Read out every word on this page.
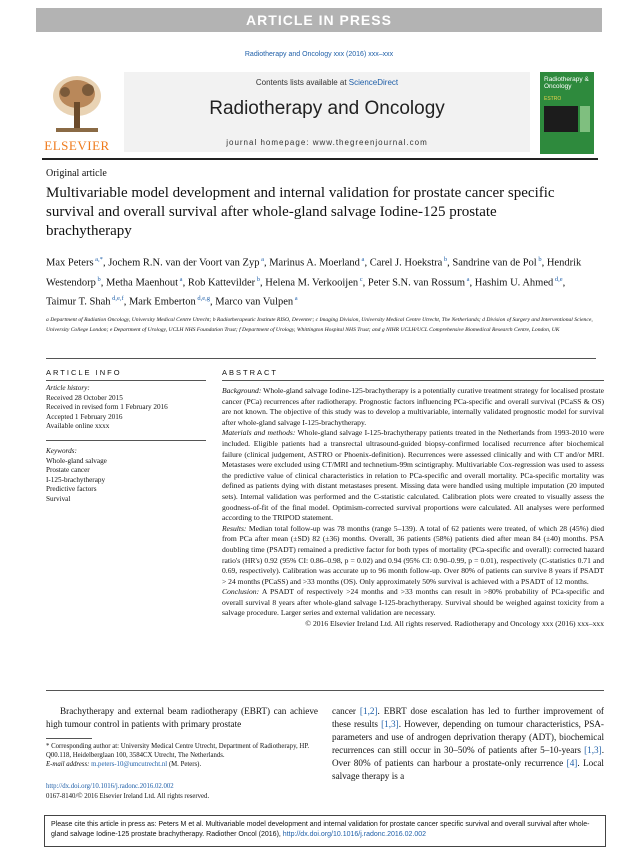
ARTICLE IN PRESS
Radiotherapy and Oncology xxx (2016) xxx–xxx
ELSEVIER
Contents lists available at ScienceDirect
Radiotherapy and Oncology
journal homepage: www.thegreenjournal.com
Radiotherapy & Oncology
ESTRO
Original article
Multivariable model development and internal validation for prostate cancer specific survival and overall survival after whole-gland salvage Iodine-125 prostate brachytherapy
Max Peters $^{a,*}$, Jochem R.N. van der Voort van Zyp $^a$, Marinus A. Moerland $^a$, Carel J. Hoekstra $^b$, Sandrine van de Pol $^b$, Hendrik Westendorp $^b$, Metha Maenhout $^a$, Rob Kattevilder $^b$, Helena M. Verkooijen $^c$, Peter S.N. van Rossum $^a$, Hashim U. Ahmed $^{d,e}$, Taimur T. Shah $^{d,e,f}$, Mark Emberton $^{d,e,g}$, Marco van Vulpen $^a$
a Department of Radiation Oncology, University Medical Centre Utrecht; b Radiotherapeutic Institute RISO, Deventer; c Imaging Division, University Medical Centre Utrecht, The Netherlands; d Division of Surgery and Interventional Science, University College London; e Department of Urology, UCLH NHS Foundation Trust; f Department of Urology, Whittington Hospital NHS Trust; and g NIHR UCLH/UCL Comprehensive Biomedical Research Centre, London, UK
ARTICLE INFO
Article history:
Received 28 October 2015
Received in revised form 1 February 2016
Accepted 1 February 2016
Available online xxxx
Keywords:
Whole-gland salvage
Prostate cancer
I-125-brachytherapy
Predictive factors
Survival
ABSTRACT

Background: Whole-gland salvage Iodine-125-brachytherapy is a potentially curative treatment strategy for localised prostate cancer (PCa) recurrences after radiotherapy. Prognostic factors influencing PCa-specific and overall survival (PCaSS & OS) are not known. The objective of this study was to develop a multivariable, internally validated prognostic model for survival after whole-gland salvage I-125-brachytherapy.

Materials and methods: Whole-gland salvage I-125-brachytherapy patients treated in the Netherlands from 1993-2010 were included. Eligible patients had a transrectal ultrasound-guided biopsy-confirmed localised recurrence after biochemical failure (clinical judgement, ASTRO or Phoenix-definition). Recurrences were assessed clinically and with CT and/or MRI. Metastases were excluded using CT/MRI and technetium-99m scintigraphy. Multivariable Cox-regression was used to assess the predictive value of clinical characteristics in relation to PCa-specific and overall mortality. PCa-specific mortality was defined as patients dying with distant metastases present. Missing data were handled using multiple imputation (20 imputed sets). Internal validation was performed and the C-statistic calculated. Calibration plots were created to visually assess the goodness-of-fit of the final model. Optimism-corrected survival proportions were calculated. All analyses were performed according to the TRIPOD statement.

Results: Median total follow-up was 78 months (range 5–139). A total of 62 patients were treated, of which 28 (45%) died from PCa after mean (±SD) 82 (±36) months. Overall, 36 patients (58%) patients died after mean 84 (±40) months. PSA doubling time (PSADT) remained a predictive factor for both types of mortality (PCa-specific and overall): corrected hazard ratio's (HR's) 0.92 (95% CI: 0.86–0.98, p = 0.02) and 0.94 (95% CI: 0.90–0.99, p = 0.01), respectively (C-statistics 0.71 and 0.69, respectively). Calibration was accurate up to 96 month follow-up. Over 80% of patients can survive 8 years if PSADT > 24 months (PCaSS) and >33 months (OS). Only approximately 50% survival is achieved with a PSADT of 12 months.

Conclusion: A PSADT of respectively >24 months and >33 months can result in >80% probability of PCa-specific and overall survival 8 years after whole-gland salvage I-125-brachytherapy. Survival should be weighed against toxicity from a salvage procedure. Larger series and external validation are necessary.

© 2016 Elsevier Ireland Ltd. All rights reserved. Radiotherapy and Oncology xxx (2016) xxx–xxx

Brachytherapy and external beam radiotherapy (EBRT) can achieve high tumour control in patients with primary prostate
cancer [1,2]. EBRT dose escalation has led to further improvement of these results [1,3]. However, depending on tumour characteristics, PSA-parameters and use of androgen deprivation therapy (ADT), biochemical recurrences can still occur in 30–50% of patients after 5–10-years [1,3]. Over 80% of patients can harbour a prostate-only recurrence [4]. Local salvage therapy is a
* Corresponding author at: University Medical Centre Utrecht, Department of Radiotherapy, HP. Q00.118, Heidelberglaan 100, 3584CX Utrecht, The Netherlands.
E-mail address: m.peters-10@umcutrecht.nl (M. Peters).
http://dx.doi.org/10.1016/j.radonc.2016.02.002
0167-8140/© 2016 Elsevier Ireland Ltd. All rights reserved.
Please cite this article in press as: Peters M et al. Multivariable model development and internal validation for prostate cancer specific survival and overall survival after whole-gland salvage Iodine-125 prostate brachytherapy. Radiother Oncol (2016), http://dx.doi.org/10.1016/j.radonc.2016.02.002
